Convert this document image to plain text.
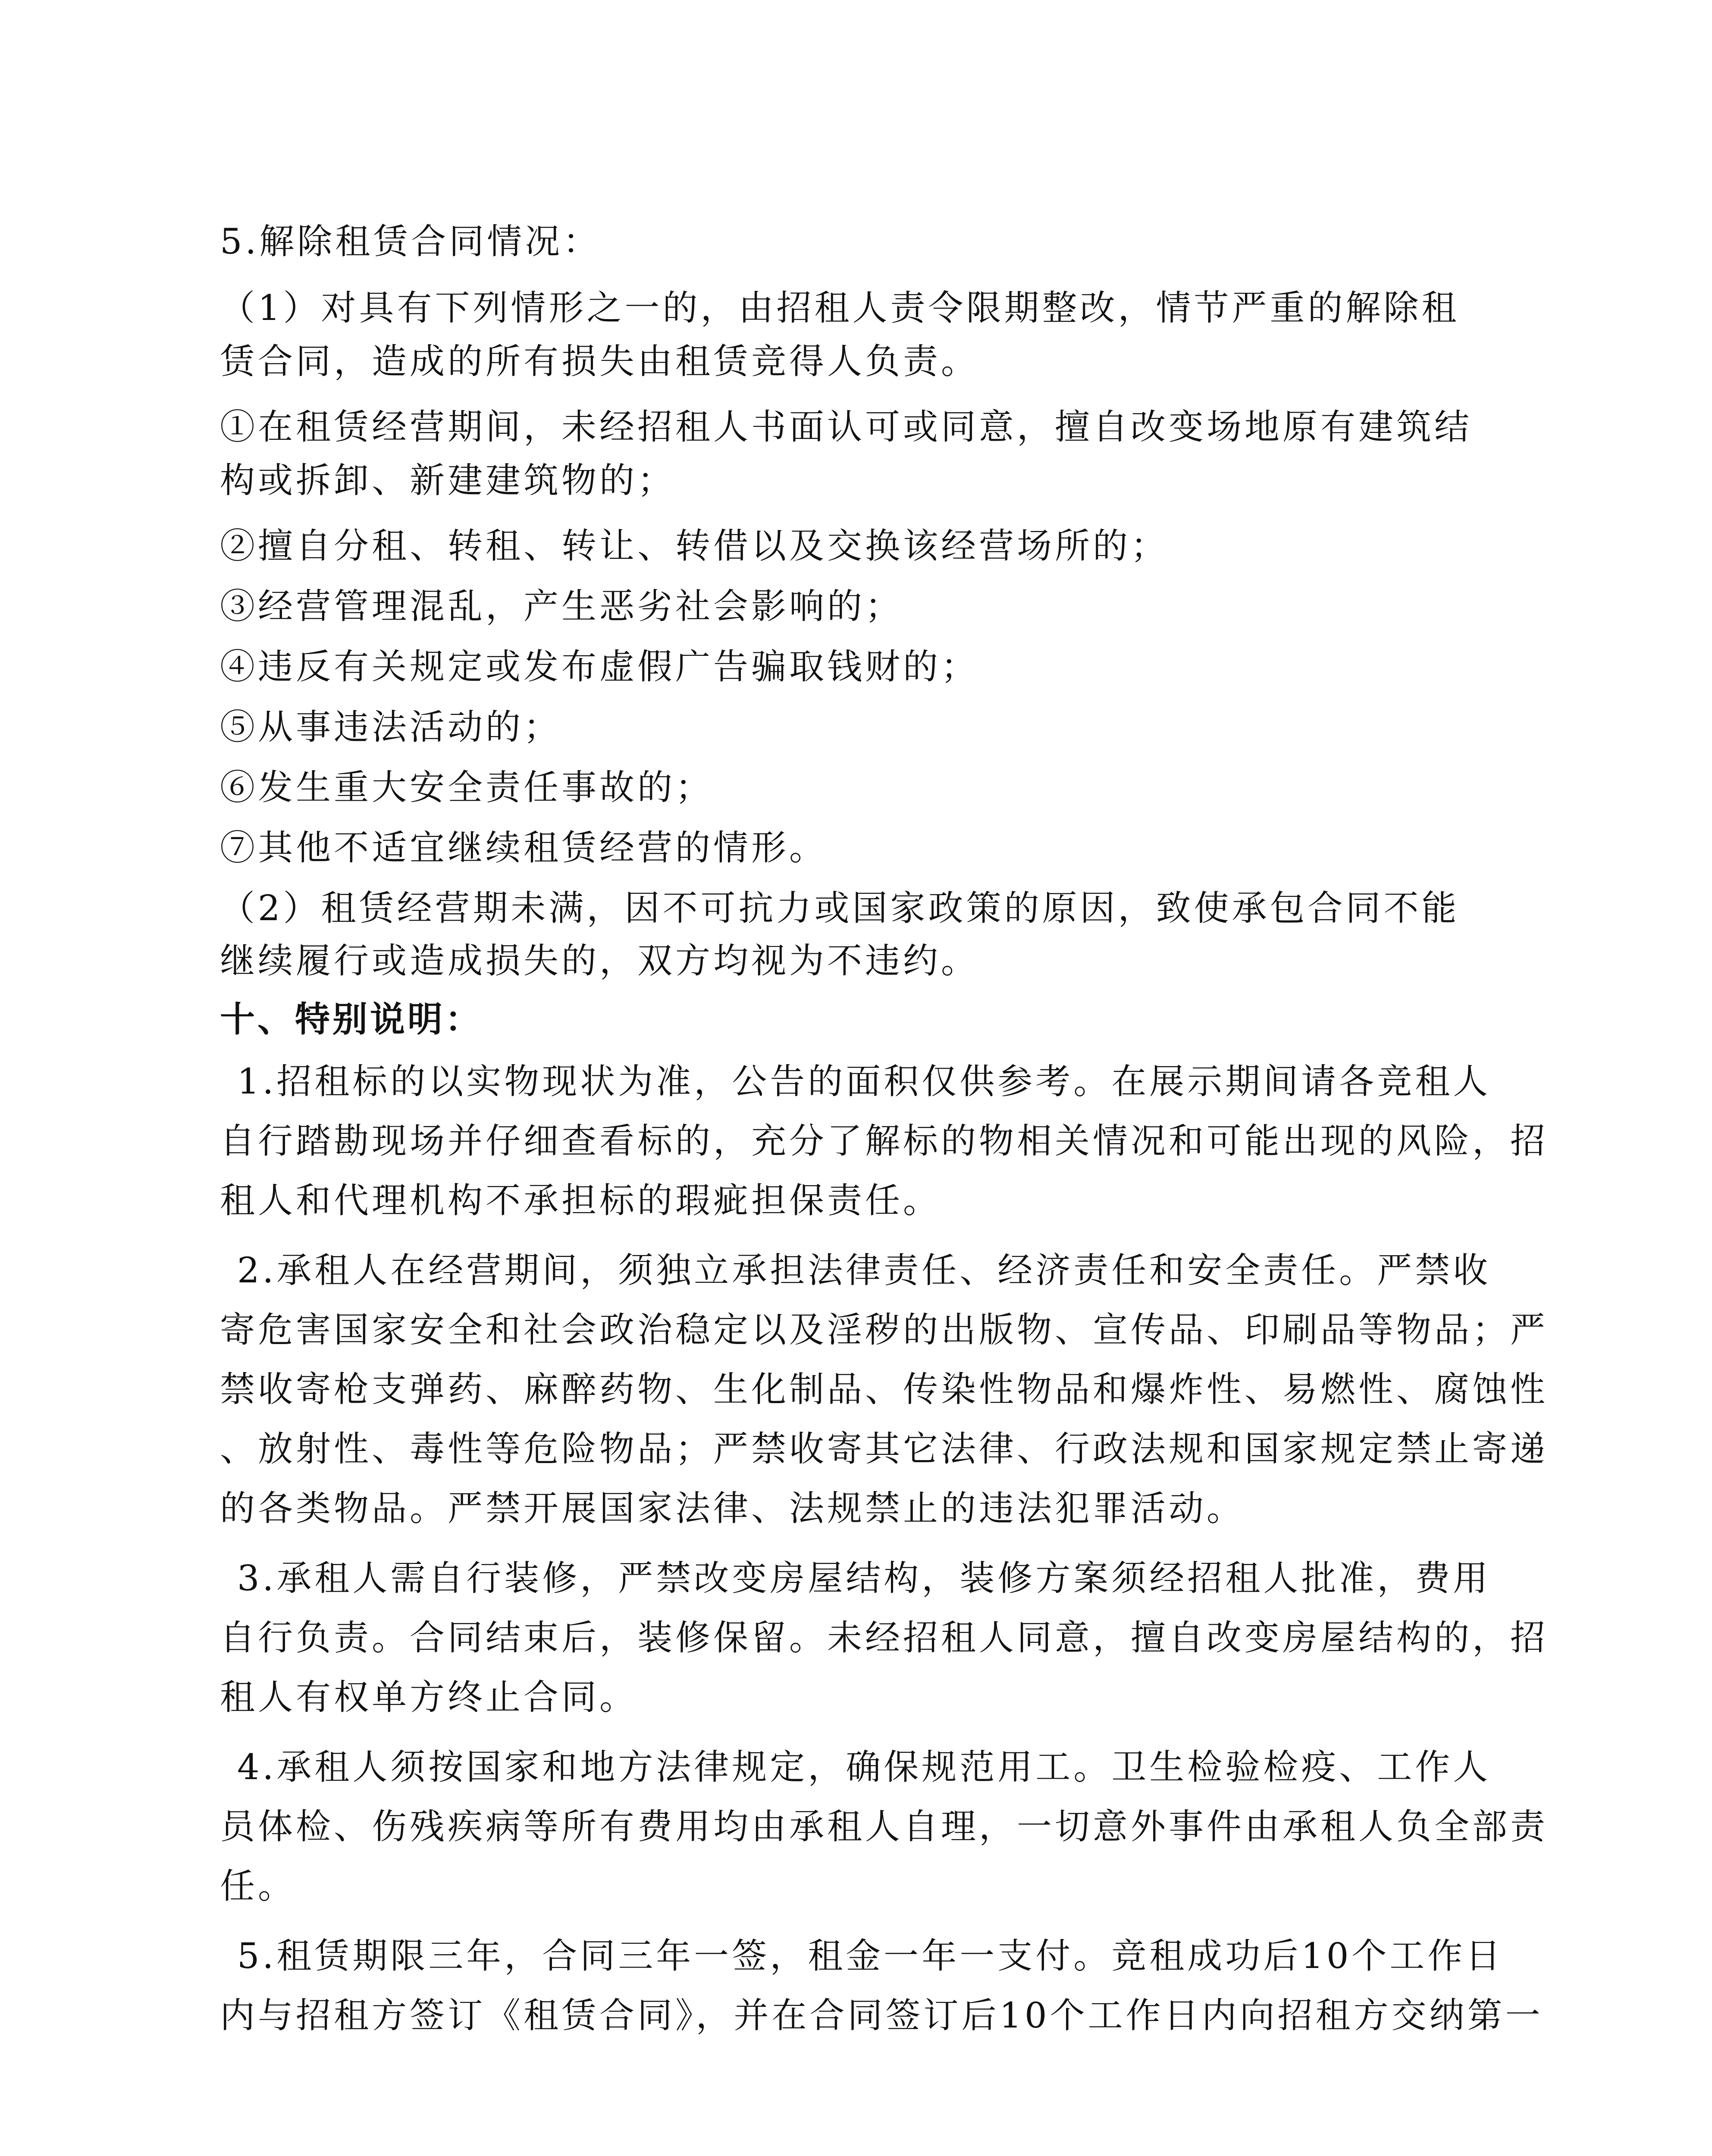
5.解除租赁合同情况：
（1）对具有下列情形之一的，由招租人责令限期整改，情节严重的解除租
赁合同，造成的所有损失由租赁竞得人负责。
①在租赁经营期间，未经招租人书面认可或同意，擅自改变场地原有建筑结
构或拆卸、新建建筑物的；
②擅自分租、转租、转让、转借以及交换该经营场所的；
③经营管理混乱，产生恶劣社会影响的；
④违反有关规定或发布虚假广告骗取钱财的；
⑤从事违法活动的；
⑥发生重大安全责任事故的；
⑦其他不适宜继续租赁经营的情形。
（2）租赁经营期未满，因不可抗力或国家政策的原因，致使承包合同不能
继续履行或造成损失的，双方均视为不违约。
十、特别说明：
1.招租标的以实物现状为准，公告的面积仅供参考。在展示期间请各竞租人
自行踏勘现场并仔细查看标的，充分了解标的物相关情况和可能出现的风险，招
租人和代理机构不承担标的瑕疵担保责任。
2.承租人在经营期间，须独立承担法律责任、经济责任和安全责任。严禁收
寄危害国家安全和社会政治稳定以及淫秽的出版物、宣传品、印刷品等物品；严
禁收寄枪支弹药、麻醉药物、生化制品、传染性物品和爆炸性、易燃性、腐蚀性
、放射性、毒性等危险物品；严禁收寄其它法律、行政法规和国家规定禁止寄递
的各类物品。严禁开展国家法律、法规禁止的违法犯罪活动。
3.承租人需自行装修，严禁改变房屋结构，装修方案须经招租人批准，费用
自行负责。合同结束后，装修保留。未经招租人同意，擅自改变房屋结构的，招
租人有权单方终止合同。
4.承租人须按国家和地方法律规定，确保规范用工。卫生检验检疫、工作人
员体检、伤残疾病等所有费用均由承租人自理，一切意外事件由承租人负全部责
任。
5.租赁期限三年，合同三年一签，租金一年一支付。竞租成功后10个工作日
内与招租方签订《租赁合同》，并在合同签订后10个工作日内向招租方交纳第一
